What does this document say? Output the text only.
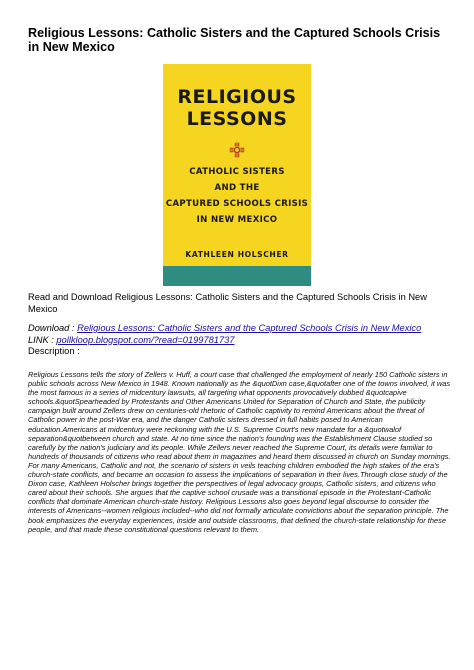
Religious Lessons: Catholic Sisters and the Captured Schools Crisis in New Mexico
RELIGIOUS
LESSONS
CATHOLIC SISTERS
AND THE
CAPTURED SCHOOLS CRISIS
IN NEW MEXICO
KATHLEEN HOLSCHER
Read and Download Religious Lessons: Catholic Sisters and the Captured Schools Crisis in New Mexico
Download : Religious Lessons: Catholic Sisters and the Captured Schools Crisis in New Mexico
LINK : pollkloop.blogspot.com/?read=0199781737
Description :
Religious Lessons tells the story of Zellers v. Huff, a court case that challenged the employment of nearly 150 Catholic sisters in public schools across New Mexico in 1948. Known nationally as the &quotDixn case,&quotafter one of the towns involved, it was the most famous in a series of midcentury lawsuits, all targeting what opponents provocatively dubbed &quotcapive schools.&quotSpearheaded by Protestants and Other Americans United for Separation of Church and State, the publicity campaign built around Zellers drew on centuries-old rhetoric of Catholic captivity to remind Americans about the threat of Catholic power in the post-War era, and the danger Catholic sisters dressed in full habits posed to American education.Americans at midcentury were reckoning with the U.S. Supreme Court's new mandate for a &quotwalof separation&quotbetween church and state. At no time since the nation's founding was the Establishment Clause studied so carefully by the nation's judiciary and its people. While Zellers never reached the Supreme Court, its details were familiar to hundreds of thousands of citizens who read about them in magazines and heard them discussed in church on Sunday mornings. For many Americans, Catholic and not, the scenario of sisters in veils teaching children embodied the high stakes of the era's church-state conflicts, and became an occasion to assess the implications of separation in their lives.Through close study of the Dixon case, Kathleen Holscher brings together the perspectives of legal advocacy groups, Catholic sisters, and citizens who cared about their schools. She argues that the captive school crusade was a transitional episode in the Protestant-Catholic conflicts that dominate American church-state history. Religious Lessons also goes beyond legal discourse to consider the interests of Americans--women religious included--who did not formally articulate convictions about the separation principle. The book emphasizes the everyday experiences, inside and outside classrooms, that defined the church-state relationship for these people, and that made these constitutional questions relevant to them.
